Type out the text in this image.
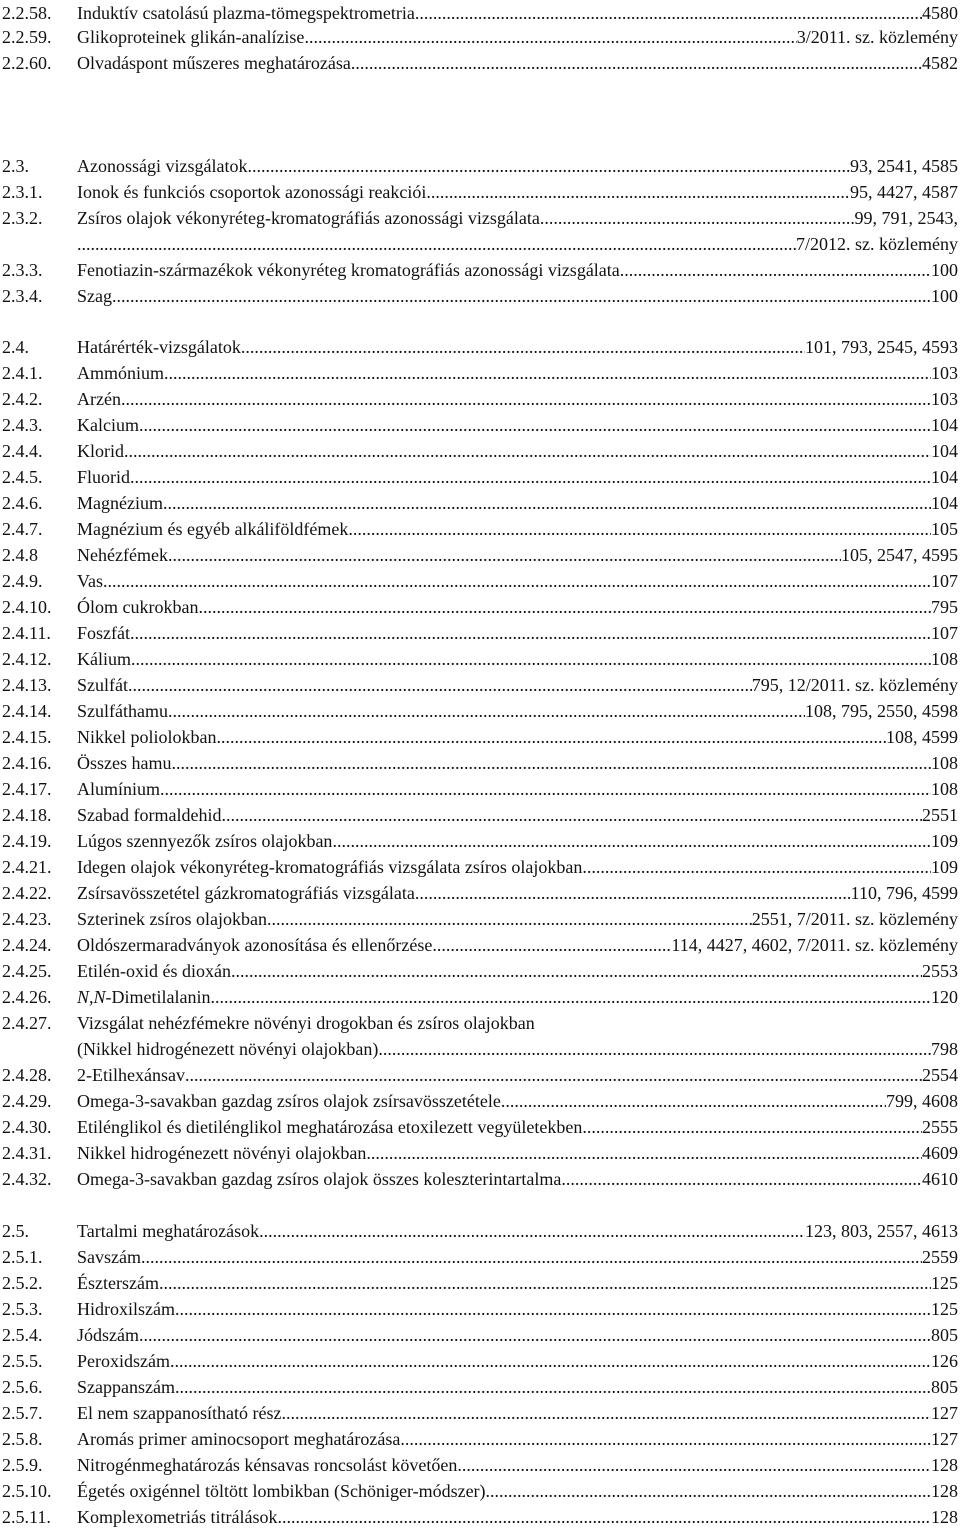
2.2.58. Induktív csatolású plazma-tömegspektrometria .....	4580
2.2.59. Glikoproteinek glikán-analízise .....	3/2011. sz. közlemény
2.2.60. Olvadáspont műszeres meghatározása .....	4582
2.3.	Azonossági vizsgálatok .....	93, 2541, 4585
2.3.1. Ionok és funkciós csoportok azonossági reakciói .....	95, 4427, 4587
2.3.2. Zsíros olajok vékonyréteg-kromatográfiás azonossági vizsgálata .....	99, 791, 2543,
.... .....	7/2012. sz. közlemény
2.3.3. Fenotiazin-származékok vékonyréteg kromatográfiás azonossági vizsgálata .....	100
2.3.4. Szag .....	100
2.4.	Határérték-vizsgálatok .....	101, 793, 2545, 4593
2.4.1. Ammónium .....	103
2.4.2. Arzén .....	103
2.4.3. Kalcium .....	104
2.4.4. Klorid .....	104
2.4.5. Fluorid .....	104
2.4.6. Magnézium .....	104
2.4.7. Magnézium és egyéb alkáliföldfémek .....	105
2.4.8 Nehézfémek .....	105, 2547, 4595
2.4.9. Vas .....	107
2.4.10. Ólom cukrokban .....	795
2.4.11. Foszfát .....	107
2.4.12. Kálium .....	108
2.4.13. Szulfát .....	795, 12/2011. sz. közlemény
2.4.14. Szulfáthamu .....	108, 795, 2550, 4598
2.4.15. Nikkel poliolokban .....	108, 4599
2.4.16. Összes hamu .....	108
2.4.17. Alumínium .....	108
2.4.18. Szabad formaldehid .....	2551
2.4.19. Lúgos szennyezők zsíros olajokban .....	109
2.4.21. Idegen olajok vékonyréteg-kromatográfiás vizsgálata zsíros olajokban .....	109
2.4.22. Zsírsavösszetétel gázkromatográfiás vizsgálata .....	110, 796, 4599
2.4.23. Szterinek zsíros olajokban .....	2551, 7/2011. sz. közlemény
2.4.24. Oldószermaradványok azonosítása és ellenőrzése .....	114, 4427, 4602, 7/2011. sz. közlemény
2.4.25. Etilén-oxid és dioxán .....	2553
2.4.26. N,N-Dimetilalanin .....	120
2.4.27. Vizsgálat nehézfémekre növényi drogokban és zsíros olajokban
(Nikkel hidrogénezett növényi olajokban) .....	798
2.4.28. 2-Etilhexánsav .....	2554
2.4.29. Omega-3-savakban gazdag zsíros olajok zsírsavösszetétele .....	799, 4608
2.4.30. Etilénglikol és dietilénglikol meghatározása etoxilezett vegyületekben .....	2555
2.4.31. Nikkel hidrogénezett növényi olajokban .....	4609
2.4.32. Omega-3-savakban gazdag zsíros olajok összes koleszterintartalma .....	4610
2.5.	Tartalmi meghatározások .....	123, 803, 2557, 4613
2.5.1. Savszám .....	2559
2.5.2. Észterszám .....	125
2.5.3. Hidroxilszám .....	125
2.5.4. Jódszám .....	805
2.5.5. Peroxidszám .....	126
2.5.6. Szappanszám .....	805
2.5.7. El nem szappanosítható rész .....	127
2.5.8. Aromás primer aminocsoport meghatározása .....	127
2.5.9. Nitrogénmeghatározás kénsavas roncsolást követően .....	128
2.5.10. Égetés oxigénnel töltött lombikban (Schöniger-módszer) .....	128
2.5.11. Komplexometriás titrálások .....	128
